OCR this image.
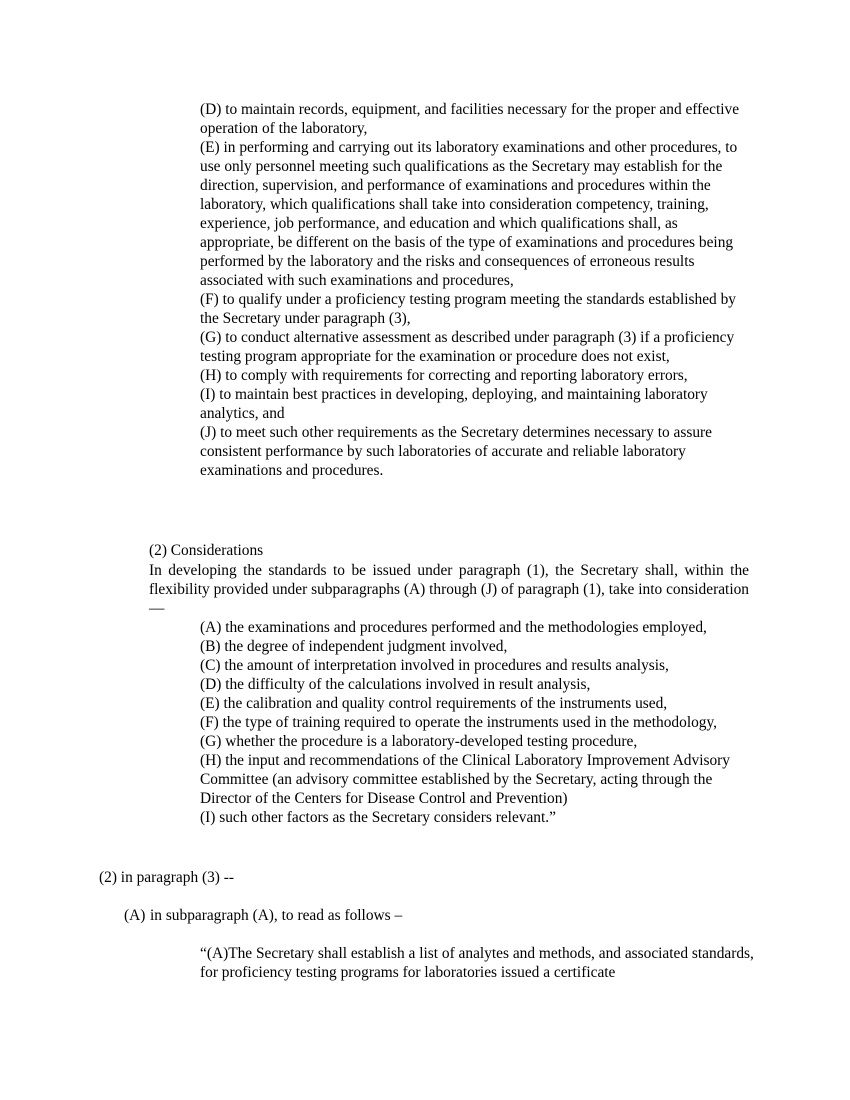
(D) to maintain records, equipment, and facilities necessary for the proper and effective operation of the laboratory,

(E) in performing and carrying out its laboratory examinations and other procedures, to use only personnel meeting such qualifications as the Secretary may establish for the direction, supervision, and performance of examinations and procedures within the laboratory, which qualifications shall take into consideration competency, training, experience, job performance, and education and which qualifications shall, as appropriate, be different on the basis of the type of examinations and procedures being performed by the laboratory and the risks and consequences of erroneous results associated with such examinations and procedures,

(F) to qualify under a proficiency testing program meeting the standards established by the Secretary under paragraph (3),

(G) to conduct alternative assessment as described under paragraph (3) if a proficiency testing program appropriate for the examination or procedure does not exist,

(H) to comply with requirements for correcting and reporting laboratory errors,

(I) to maintain best practices in developing, deploying, and maintaining laboratory analytics, and

(J) to meet such other requirements as the Secretary determines necessary to assure consistent performance by such laboratories of accurate and reliable laboratory examinations and procedures.

(2) Considerations
In developing the standards to be issued under paragraph (1), the Secretary shall, within the flexibility provided under subparagraphs (A) through (J) of paragraph (1), take into consideration—

(A) the examinations and procedures performed and the methodologies employed,

(B) the degree of independent judgment involved,

(C) the amount of interpretation involved in procedures and results analysis,

(D) the difficulty of the calculations involved in result analysis,

(E) the calibration and quality control requirements of the instruments used,

(F) the type of training required to operate the instruments used in the methodology,

(G) whether the procedure is a laboratory-developed testing procedure,

(H) the input and recommendations of the Clinical Laboratory Improvement Advisory Committee (an advisory committee established by the Secretary, acting through the Director of the Centers for Disease Control and Prevention)

(I) such other factors as the Secretary considers relevant.”

(2) in paragraph (3) --
(A) in subparagraph (A), to read as follows –
“(A)The Secretary shall establish a list of analytes and methods, and associated standards, for proficiency testing programs for laboratories issued a certificate
